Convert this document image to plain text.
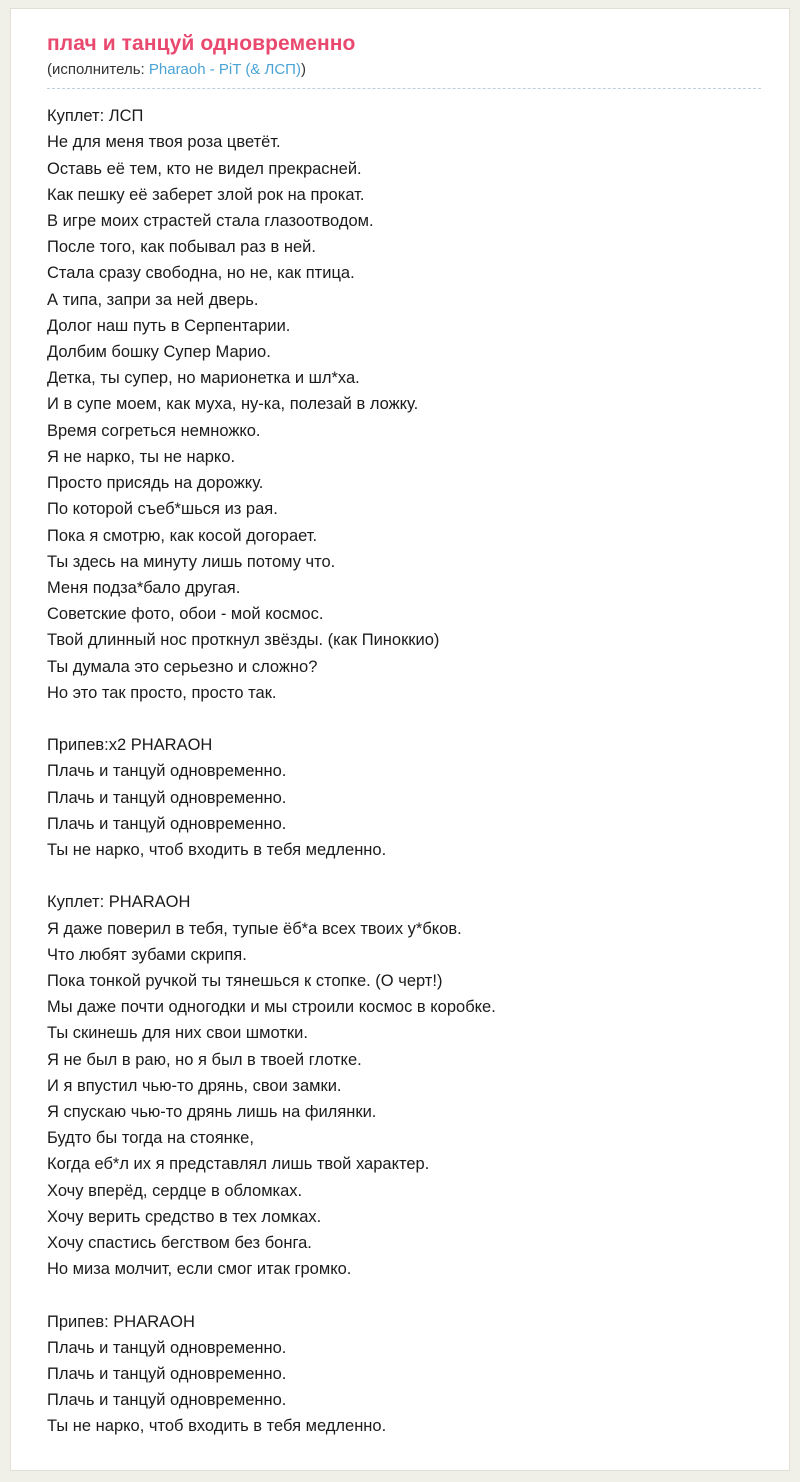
плач и танцуй одновременно
(исполнитель: Pharaoh - PiT (& ЛСП))
Куплет: ЛСП
Не для меня твоя роза цветёт.
Оставь её тем, кто не видел прекрасней.
Как пешку её заберет злой рок на прокат.
В игре моих страстей стала глазоотводом.
После того, как побывал раз в ней.
Стала сразу свободна, но не, как птица.
А типа, запри за ней дверь.
Долог наш путь в Серпентарии.
Долбим бошку Супер Марио.
Детка, ты супер, но марионетка и шл*ха.
И в супе моем, как муха, ну-ка, полезай в ложку.
Время согреться немножко.
Я не нарко, ты не нарко.
Просто присядь на дорожку.
По которой съеб*шься из рая.
Пока я смотрю, как косой догорает.
Ты здесь на минуту лишь потому что.
Меня подза*бало другая.
Советские фото, обои - мой космос.
Твой длинный нос проткнул звёзды. (как Пиноккио)
Ты думала это серьезно и сложно?
Но это так просто, просто так.
Припев:х2 PHARAOH
Плачь и танцуй одновременно.
Плачь и танцуй одновременно.
Плачь и танцуй одновременно.
Ты не нарко, чтоб входить в тебя медленно.
Куплет: PHARAOH
Я даже поверил в тебя, тупые ёб*а всех твоих у*бков.
Что любят зубами скрипя.
Пока тонкой ручкой ты тянешься к стопке. (О черт!)
Мы даже почти одногодки и мы строили космос в коробке.
Ты скинешь для них свои шмотки.
Я не был в раю, но я был в твоей глотке.
И я впустил чью-то дрянь, свои замки.
Я спускаю чью-то дрянь лишь на филянки.
Будто бы тогда на стоянке,
Когда еб*л их я представлял лишь твой характер.
Хочу вперёд, сердце в обломках.
Хочу верить средство в тех ломках.
Хочу спастись бегством без бонга.
Но миза молчит, если смог итак громко.
Припев: PHARAOH
Плачь и танцуй одновременно.
Плачь и танцуй одновременно.
Плачь и танцуй одновременно.
Ты не нарко, чтоб входить в тебя медленно.
